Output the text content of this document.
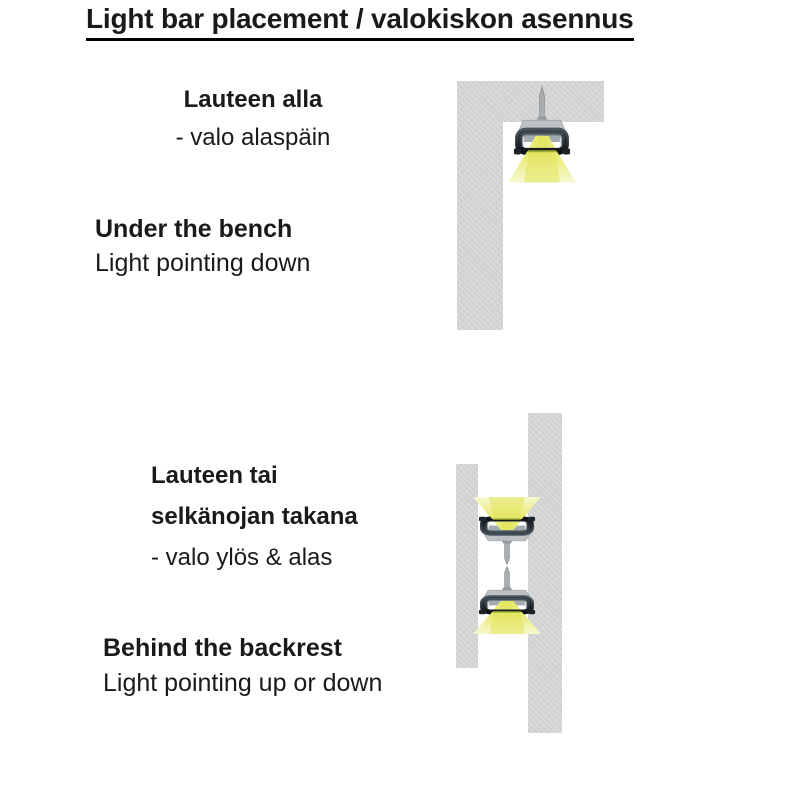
Light bar placement / valokiskon asennus
Lauteen alla
- valo alaspäin
Under the bench
Light pointing down
Lauteen tai
selkänojan takana
- valo ylös & alas
Behind the backrest
Light pointing up or down
